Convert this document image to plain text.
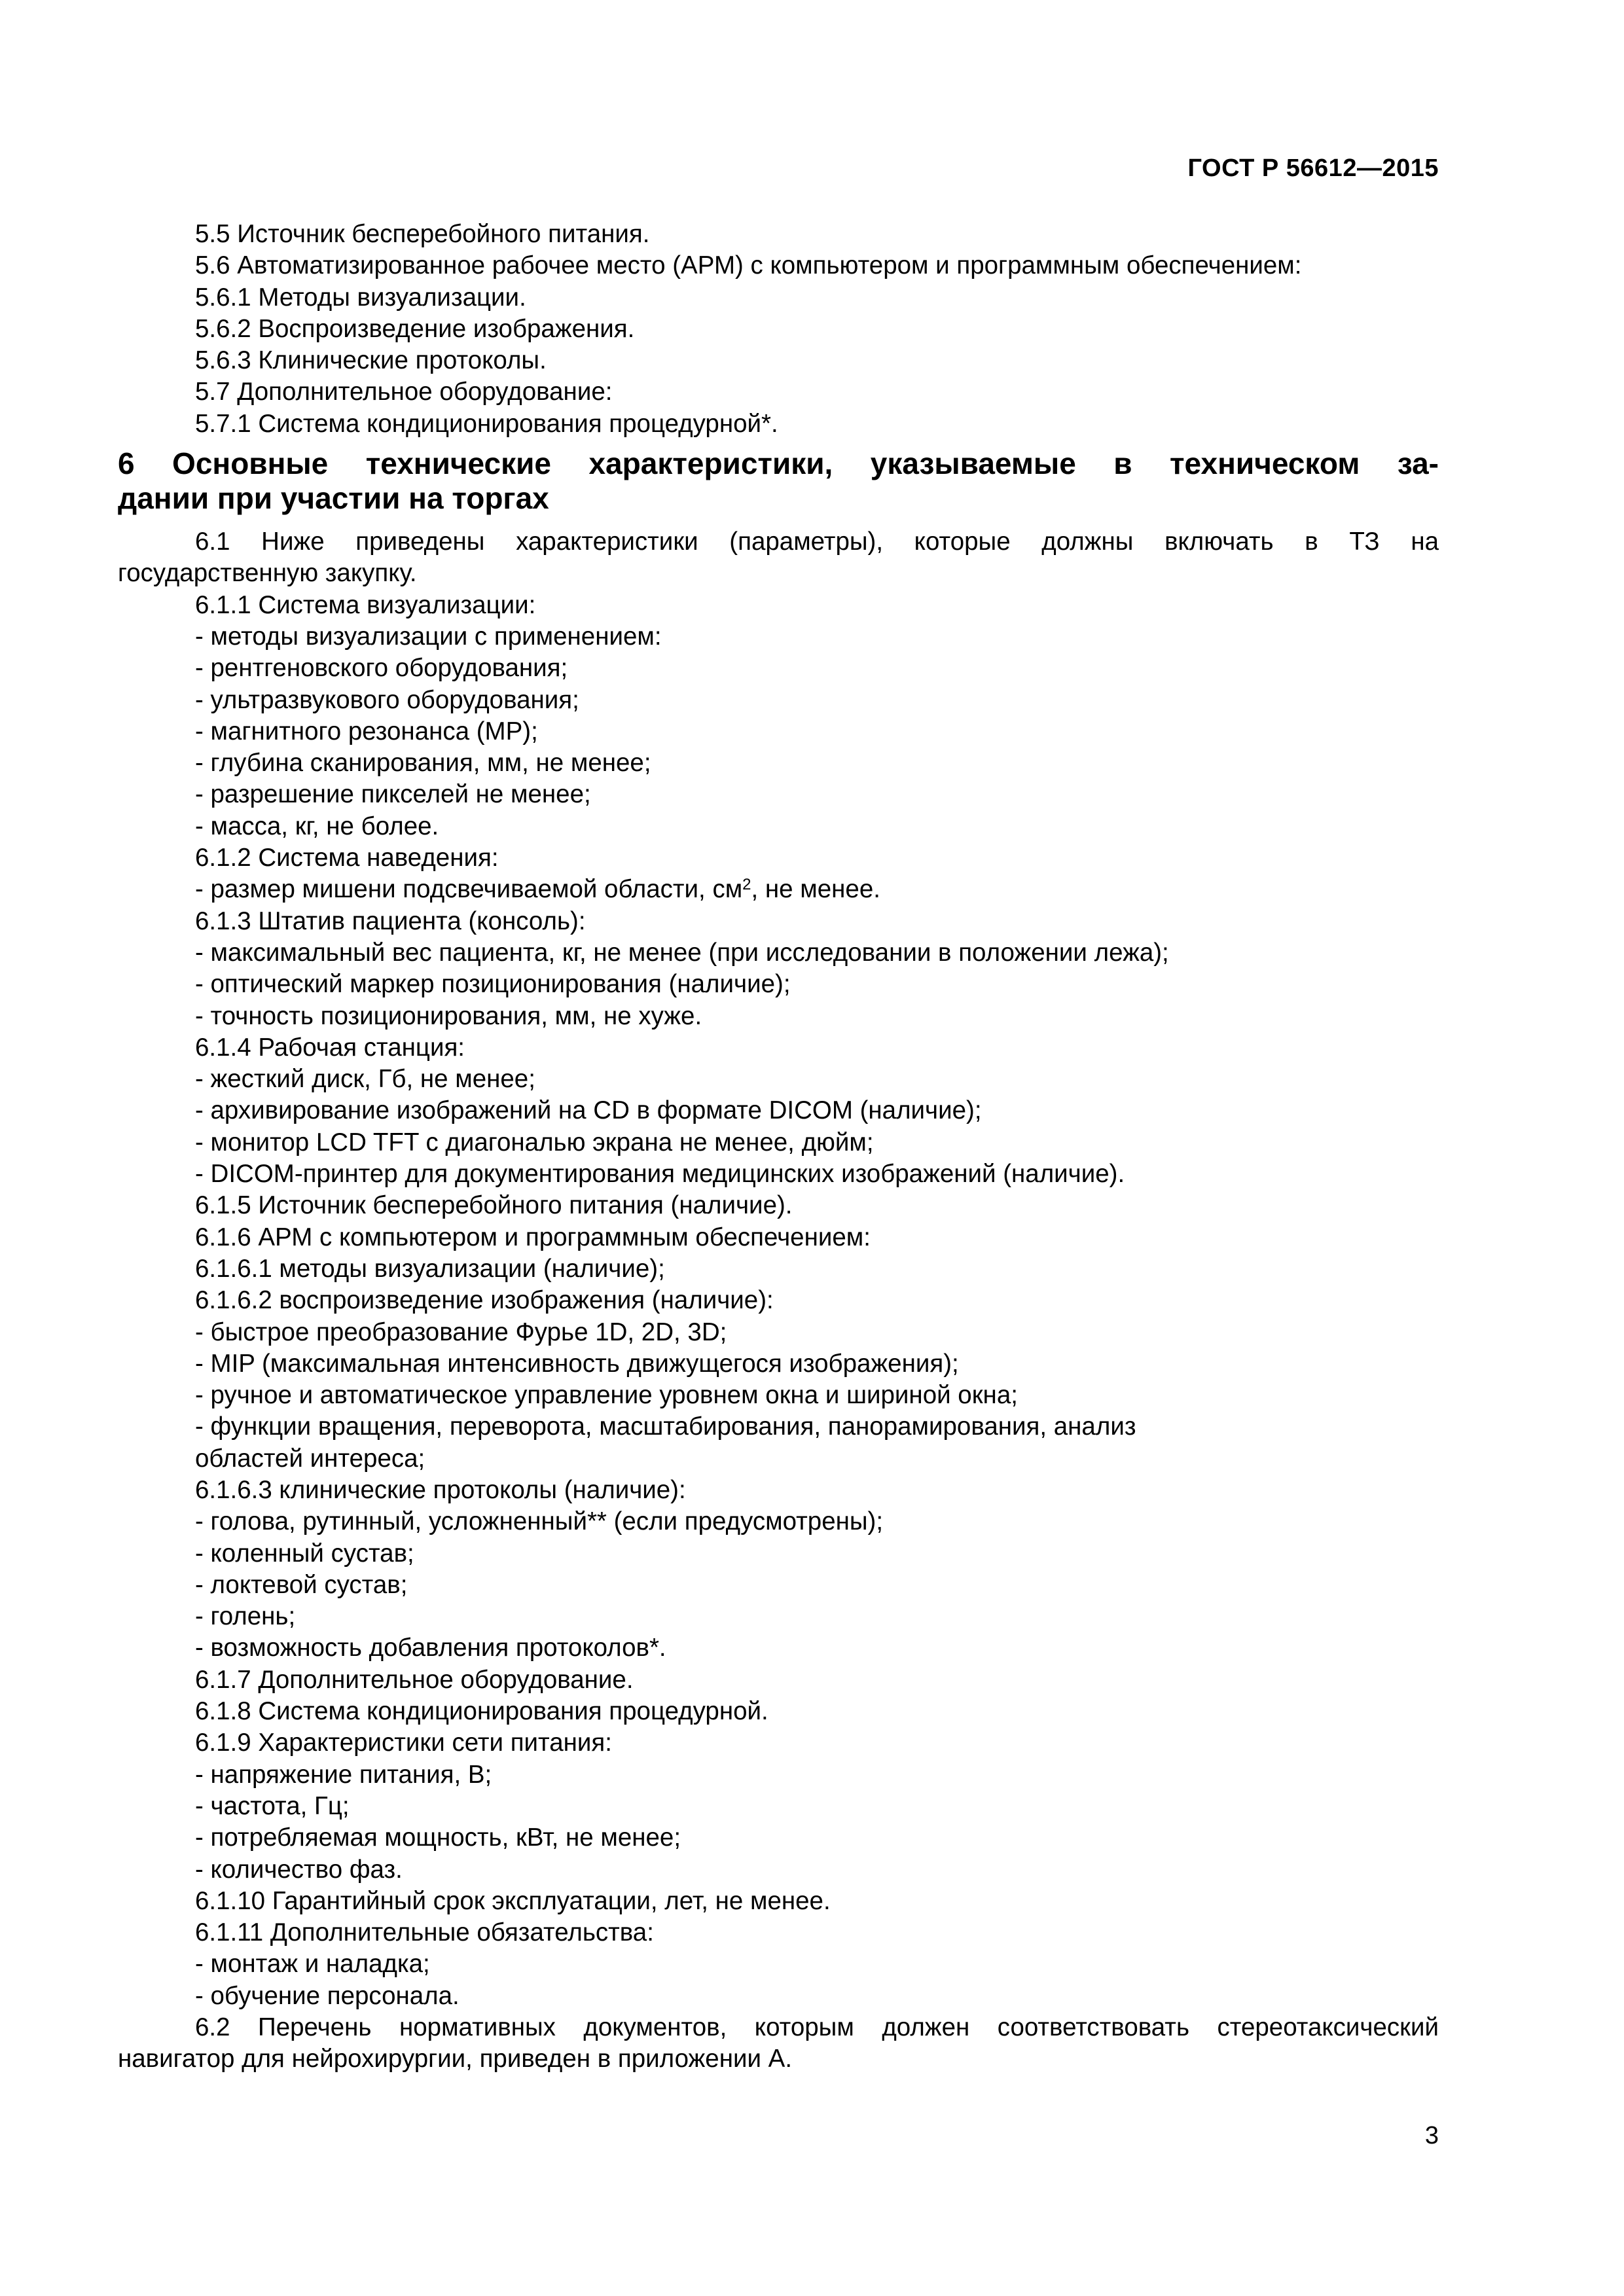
ГОСТ Р 56612—2015
5.5 Источник бесперебойного питания.
5.6 Автоматизированное рабочее место (АРМ) с компьютером и программным обеспечением:
5.6.1 Методы визуализации.
5.6.2 Воспроизведение изображения.
5.6.3 Клинические протоколы.
5.7 Дополнительное оборудование:
5.7.1 Система кондиционирования процедурной*.
6 Основные технические характеристики, указываемые в техническом за-
дании при участии на торгах
6.1 Ниже приведены характеристики (параметры), которые должны включать в ТЗ на
государственную закупку.
6.1.1 Система визуализации:
- методы визуализации с применением:
- рентгеновского оборудования;
- ультразвукового оборудования;
- магнитного резонанса (МР);
- глубина сканирования, мм, не менее;
- разрешение пикселей не менее;
- масса, кг, не более.
6.1.2 Система наведения:
- размер мишени подсвечиваемой области, $см^2$, не менее.
6.1.3 Штатив пациента (консоль):
- максимальный вес пациента, кг, не менее (при исследовании в положении лежа);
- оптический маркер позиционирования (наличие);
- точность позиционирования, мм, не хуже.
6.1.4 Рабочая станция:
- жесткий диск, Гб, не менее;
- архивирование изображений на CD в формате DICOM (наличие);
- монитор LCD TFT с диагональю экрана не менее, дюйм;
- DICOM-принтер для документирования медицинских изображений (наличие).
6.1.5 Источник бесперебойного питания (наличие).
6.1.6 АРМ с компьютером и программным обеспечением:
6.1.6.1 методы визуализации (наличие);
6.1.6.2 воспроизведение изображения (наличие):
- быстрое преобразование Фурье 1D, 2D, 3D;
- MIP (максимальная интенсивность движущегося изображения);
- ручное и автоматическое управление уровнем окна и шириной окна;
- функции вращения, переворота, масштабирования, панорамирования, анализ
областей интереса;
6.1.6.3 клинические протоколы (наличие):
- голова, рутинный, усложненный** (если предусмотрены);
- коленный сустав;
- локтевой сустав;
- голень;
- возможность добавления протоколов*.
6.1.7 Дополнительное оборудование.
6.1.8 Система кондиционирования процедурной.
6.1.9 Характеристики сети питания:
- напряжение питания, В;
- частота, Гц;
- потребляемая мощность, кВт, не менее;
- количество фаз.
6.1.10 Гарантийный срок эксплуатации, лет, не менее.
6.1.11 Дополнительные обязательства:
- монтаж и наладка;
- обучение персонала.
6.2 Перечень нормативных документов, которым должен соответствовать стереотаксический
навигатор для нейрохирургии, приведен в приложении А.
3
